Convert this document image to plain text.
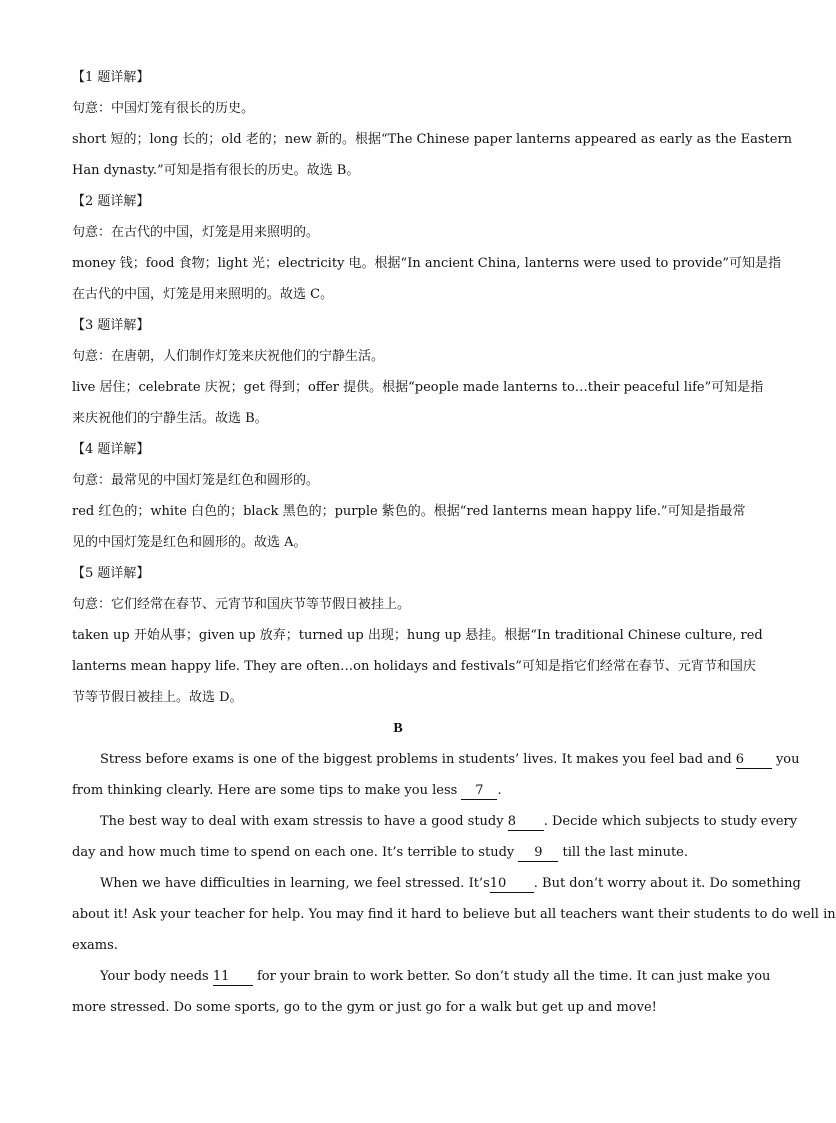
【1 题详解】
句意：中国灯笼有很长的历史。
short 短的；long 长的；old 老的；new 新的。根据“The Chinese paper lanterns appeared as early as the Eastern
Han dynasty.”可知是指有很长的历史。故选 B。
【2 题详解】
句意：在古代的中国，灯笼是用来照明的。
money 钱；food 食物；light 光；electricity 电。根据“In ancient China, lanterns were used to provide”可知是指
在古代的中国，灯笼是用来照明的。故选 C。
【3 题详解】
句意：在唐朝，人们制作灯笼来庆祝他们的宁静生活。
live 居住；celebrate 庆祝；get 得到；offer 提供。根据“people made lanterns to…their peaceful life”可知是指
来庆祝他们的宁静生活。故选 B。
【4 题详解】
句意：最常见的中国灯笼是红色和圆形的。
red 红色的；white 白色的；black 黑色的；purple 紫色的。根据“red lanterns mean happy life.”可知是指最常
见的中国灯笼是红色和圆形的。故选 A。
【5 题详解】
句意：它们经常在春节、元宵节和国庆节等节假日被挂上。
taken up 开始从事；given up 放弃；turned up 出现；hung up 悬挂。根据“In traditional Chinese culture, red
lanterns mean happy life. They are often…on holidays and festivals”可知是指它们经常在春节、元宵节和国庆
节等节假日被挂上。故选 D。
B
Stress before exams is one of the biggest problems in students’ lives. It makes you feel bad and 6 you
from thinking clearly. Here are some tips to make you less 7 .
The best way to deal with exam stressis to have a good study 8 . Decide which subjects to study every
day and how much time to spend on each one. It’s terrible to study 9 till the last minute.
When we have difficulties in learning, we feel stressed. It’s10 . But don’t worry about it. Do something
about it! Ask your teacher for help. You may find it hard to believe but all teachers want their students to do well in
exams.
Your body needs 11 for your brain to work better. So don’t study all the time. It can just make you
more stressed. Do some sports, go to the gym or just go for a walk but get up and move!
